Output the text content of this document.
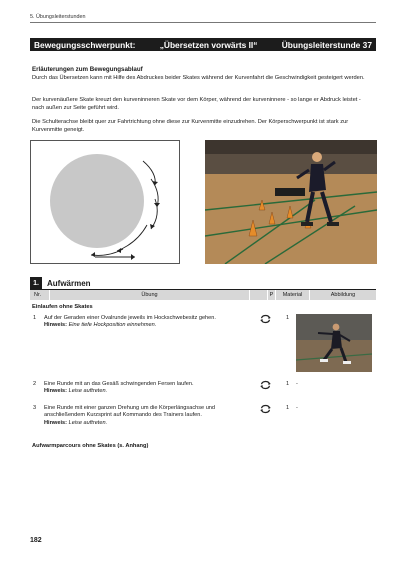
5. Übungsleiterstunden
Bewegungsschwerpunkt:	„Übersetzen vorwärts II“	Übungsleiterstunde 37
Erläuterungen zum Bewegungsablauf
Durch das Übersetzen kann mit Hilfe des Abdruckes beider Skates während der Kurvenfahrt die Geschwindigkeit gesteigert werden.
Der kurvenäußere Skate kreuzt den kurveninneren Skate vor dem Körper, während der kurveninnere - so lange er Abdruck leistet - nach außen zur Seite geführt wird.
Die Schulterachse bleibt quer zur Fahrtrichtung ohne diese zur Kurvenmitte einzudrehen. Der Körperschwerpunkt ist stark zur Kurvenmitte geneigt.
1.	Aufwärmen
Nr.	Übung	P	Material	Abbildung
Einlaufen ohne Skates
1 Auf der Geraden einer Ovalrunde jeweils im Hockschwebesitz gehen.
Hinweis: Eine tiefe Hockposition einnehmen.
1
2 Eine Runde mit an das Gesäß schwingenden Fersen laufen.
Hinweis: Leise auftreten.
1	-
3 Eine Runde mit einer ganzen Drehung um die Körperlängsachse und anschließendem Kurzsprint auf Kommando des Trainers laufen.
Hinweis: Leise auftreten.
1	-
Aufwarmparcours ohne Skates (s. Anhang)
182
